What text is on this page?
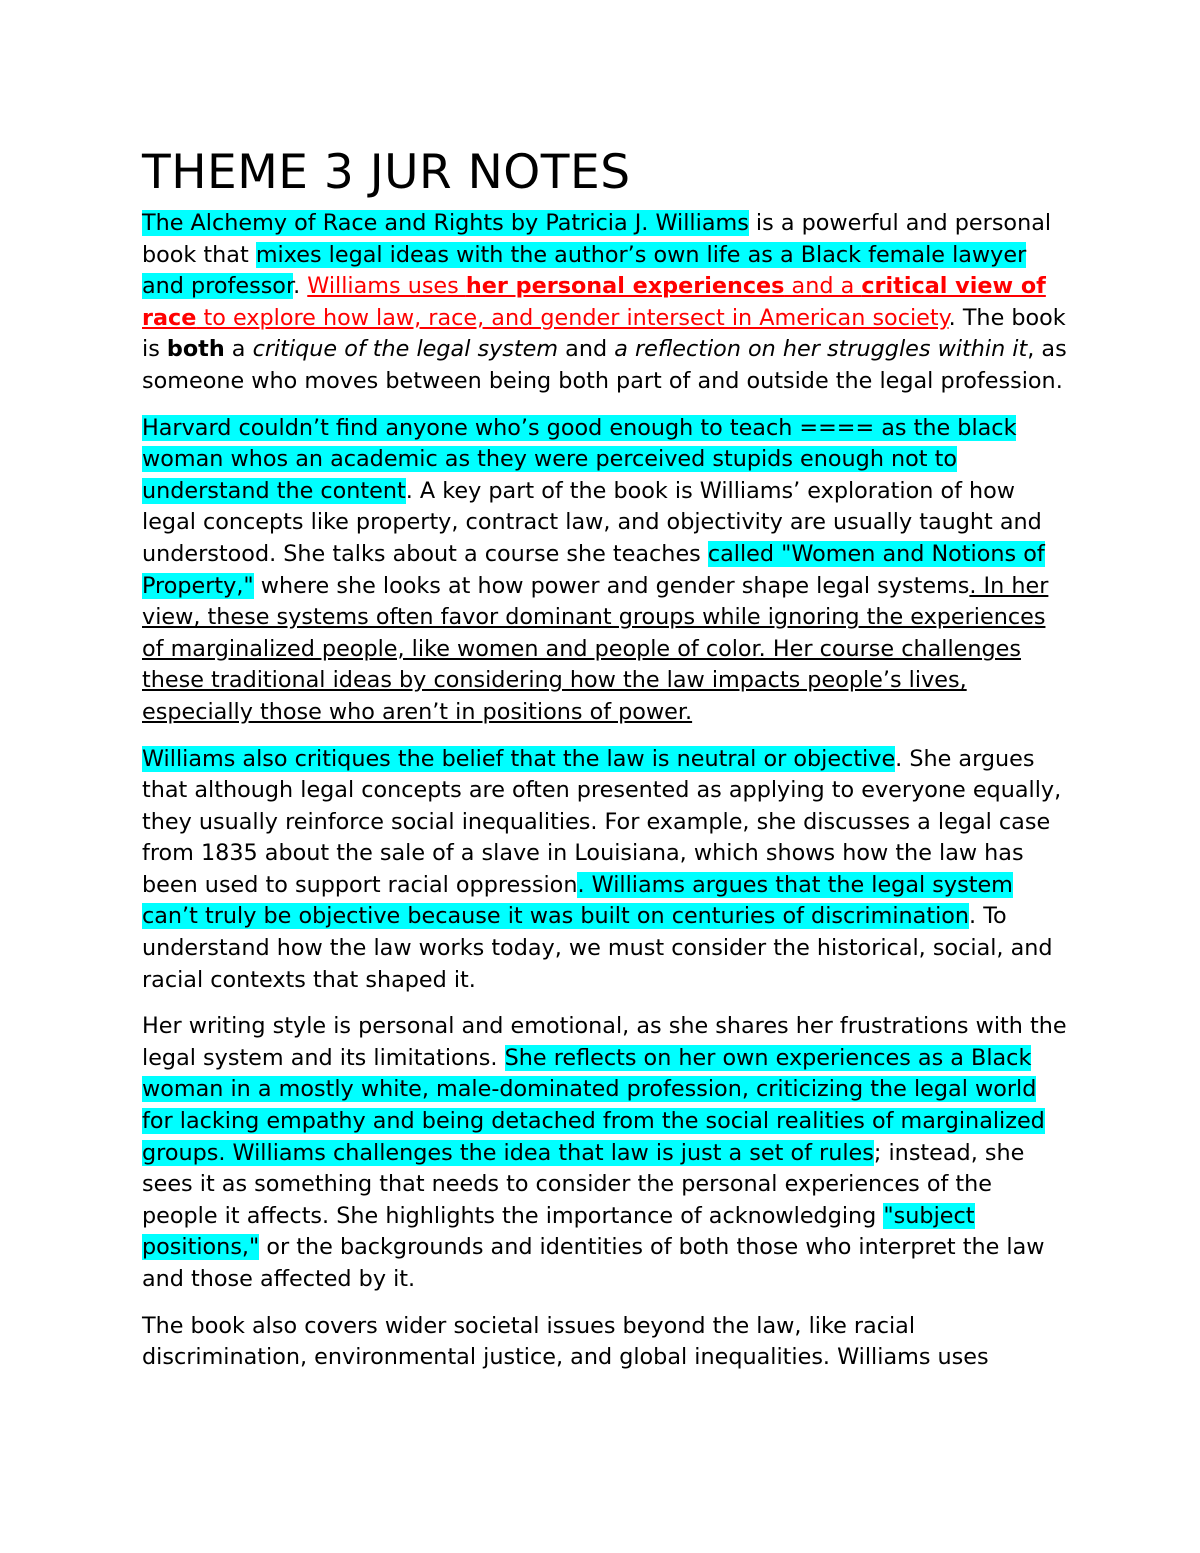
THEME 3 JUR NOTES

The Alchemy of Race and Rights by Patricia J. Williams is a powerful and personal book that mixes legal ideas with the author’s own life as a Black female lawyer and professor. Williams uses her personal experiences and a critical view of race to explore how law, race, and gender intersect in American society. The book is both a critique of the legal system and a reflection on her struggles within it, as someone who moves between being both part of and outside the legal profession.

Harvard couldn’t find anyone who’s good enough to teach ==== as the black woman whos an academic as they were perceived stupids enough not to understand the content. A key part of the book is Williams’ exploration of how legal concepts like property, contract law, and objectivity are usually taught and understood. She talks about a course she teaches called "Women and Notions of Property," where she looks at how power and gender shape legal systems. In her view, these systems often favor dominant groups while ignoring the experiences of marginalized people, like women and people of color. Her course challenges these traditional ideas by considering how the law impacts people’s lives, especially those who aren’t in positions of power.

Williams also critiques the belief that the law is neutral or objective. She argues that although legal concepts are often presented as applying to everyone equally, they usually reinforce social inequalities. For example, she discusses a legal case from 1835 about the sale of a slave in Louisiana, which shows how the law has been used to support racial oppression. Williams argues that the legal system can’t truly be objective because it was built on centuries of discrimination. To understand how the law works today, we must consider the historical, social, and racial contexts that shaped it.

Her writing style is personal and emotional, as she shares her frustrations with the legal system and its limitations. She reflects on her own experiences as a Black woman in a mostly white, male-dominated profession, criticizing the legal world for lacking empathy and being detached from the social realities of marginalized groups. Williams challenges the idea that law is just a set of rules; instead, she sees it as something that needs to consider the personal experiences of the people it affects. She highlights the importance of acknowledging "subject positions," or the backgrounds and identities of both those who interpret the law and those affected by it.

The book also covers wider societal issues beyond the law, like racial discrimination, environmental justice, and global inequalities. Williams uses
